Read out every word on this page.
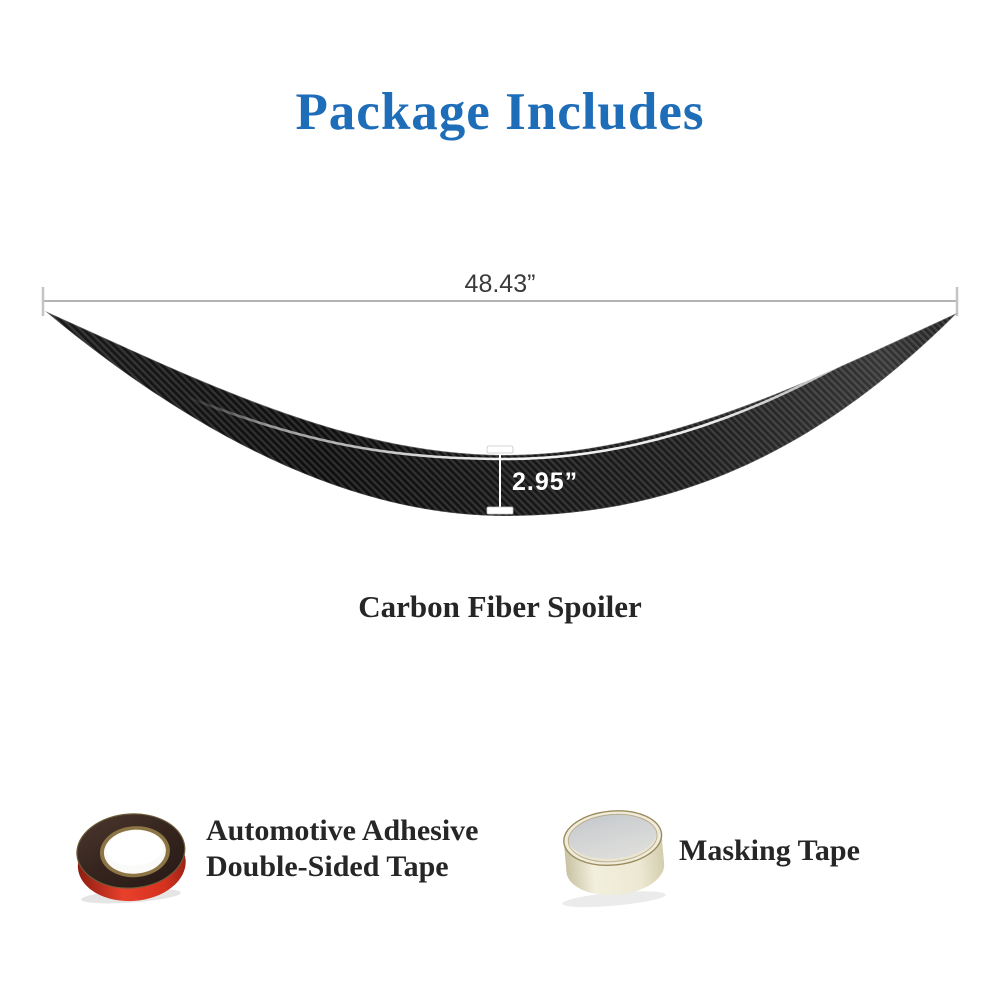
Package Includes
48.43”
2.95”
Carbon Fiber Spoiler
Automotive Adhesive
Double-Sided Tape	Masking Tape
